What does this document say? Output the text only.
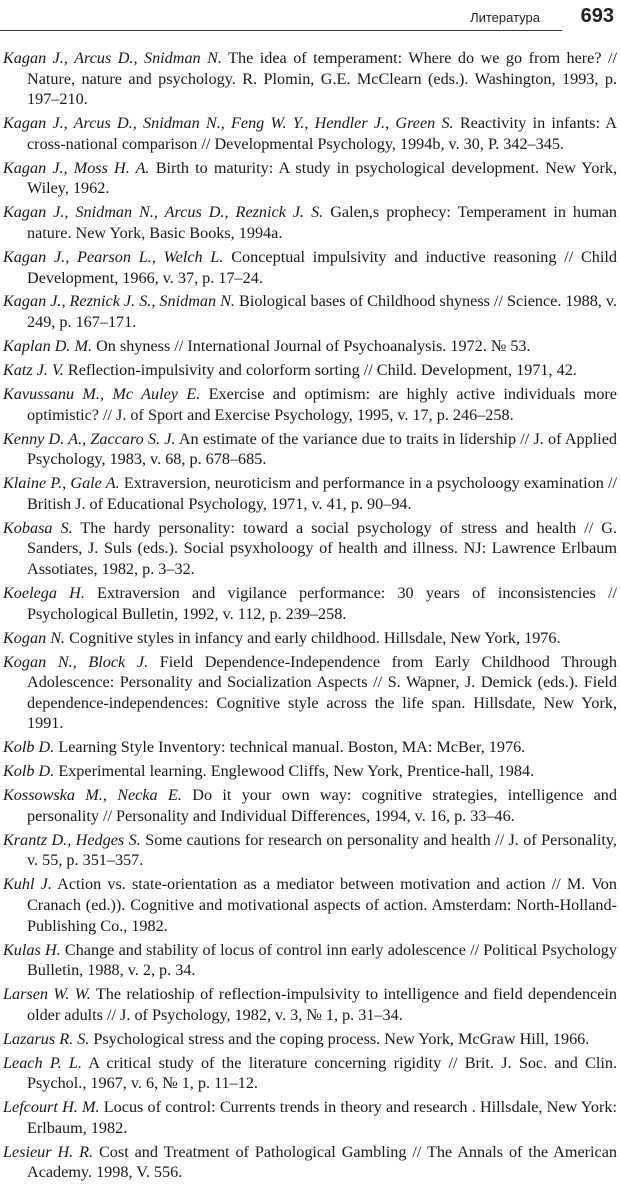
Литература 693

Kagan J., Arcus D., Snidman N. The idea of temperament: Where do we go from here? // Nature, nature and psychology. R. Plomin, G.E. McClearn (eds.). Washington, 1993, p. 197–210.

Kagan J., Arcus D., Snidman N., Feng W. Y., Hendler J., Green S. Reactivity in infants: A cross-national comparison // Developmental Psychology, 1994b, v. 30, P. 342–345.

Kagan J., Moss H. A. Birth to maturity: A study in psychological development. New York, Wiley, 1962.

Kagan J., Snidman N., Arcus D., Reznick J. S. Galen,s prophecy: Temperament in human nature. New York, Basic Books, 1994a.

Kagan J., Pearson L., Welch L. Conceptual impulsivity and inductive reasoning // Child Development, 1966, v. 37, p. 17–24.

Kagan J., Reznick J. S., Snidman N. Biological bases of Childhood shyness // Science. 1988, v. 249, p. 167–171.

Kaplan D. M. On shyness // International Journal of Psychoanalysis. 1972. № 53.

Katz J. V. Reflection-impulsivity and colorform sorting // Child. Development, 1971, 42.

Kavussanu M., Mc Auley E. Exercise and optimism: are highly active individuals more optimistic? // J. of Sport and Exercise Psychology, 1995, v. 17, p. 246–258.

Kenny D. A., Zaccaro S. J. An estimate of the variance due to traits in lidership // J. of Applied Psychology, 1983, v. 68, p. 678–685.

Klaine P., Gale A. Extraversion, neuroticism and performance in a psycholoogy examination // British J. of Educational Psychology, 1971, v. 41, p. 90–94.

Kobasa S. The hardy personality: toward a social psychology of stress and health // G. Sanders, J. Suls (eds.). Social psyxholoogy of health and illness. NJ: Lawrence Erlbaum Assotiates, 1982, p. 3–32.

Koelega H. Extraversion and vigilance performance: 30 years of inconsistencies // Psychological Bulletin, 1992, v. 112, p. 239–258.

Kogan N. Cognitive styles in infancy and early childhood. Hillsdale, New York, 1976.

Kogan N., Block J. Field Dependence-Independence from Early Childhood Through Adolescence: Personality and Socialization Aspects // S. Wapner, J. Demick (eds.). Field dependence-independences: Cognitive style across the life span. Hillsdate, New York, 1991.

Kolb D. Learning Style Inventory: technical manual. Boston, MA: McBer, 1976.

Kolb D. Experimental learning. Englewood Cliffs, New York, Prentice-hall, 1984.

Kossowska M., Necka E. Do it your own way: cognitive strategies, intelligence and personality // Personality and Individual Differences, 1994, v. 16, p. 33–46.

Krantz D., Hedges S. Some cautions for research on personality and health // J. of Personality, v. 55, p. 351–357.

Kuhl J. Action vs. state-orientation as a mediator between motivation and action // M. Von Cranach (ed.)). Cognitive and motivational aspects of action. Amsterdam: North-Holland-Publishing Co., 1982.

Kulas H. Change and stability of locus of control inn early adolescence // Political Psychology Bulletin, 1988, v. 2, p. 34.

Larsen W. W. The relatioship of reflection-impulsivity to intelligence and field dependencein older adults // J. of Psychology, 1982, v. 3, № 1, p. 31–34.

Lazarus R. S. Psychological stress and the coping process. New York, McGraw Hill, 1966.

Leach P. L. A critical study of the literature concerning rigidity // Brit. J. Soc. and Clin. Psychol., 1967, v. 6, № 1, p. 11–12.

Lefcourt H. M. Locus of control: Currents trends in theory and research . Hillsdale, New York: Erlbaum, 1982.

Lesieur H. R. Cost and Treatment of Pathological Gambling // The Annals of the American Academy. 1998, V. 556.
